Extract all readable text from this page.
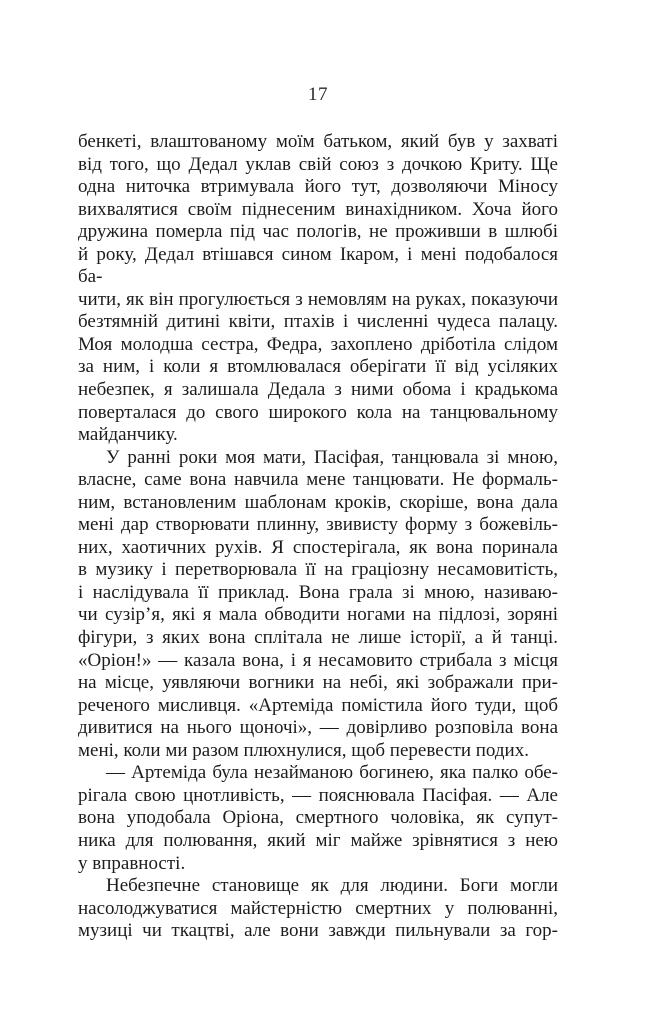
17
бенкеті, влаштованому моїм батьком, який був у захваті
від того, що Дедал уклав свій союз з дочкою Криту. Ще
одна ниточка втримувала його тут, дозволяючи Міносу
вихвалятися своїм піднесеним винахідником. Хоча його
дружина померла під час пологів, не проживши в шлюбі
й року, Дедал втішався сином Ікаром, і мені подобалося ба-
чити, як він прогулюється з немовлям на руках, показуючи
безтямній дитині квіти, птахів і численні чудеса палацу.
Моя молодша сестра, Федра, захоплено дріботіла слідом
за ним, і коли я втомлювалася оберігати її від усіляких
небезпек, я залишала Дедала з ними обома і крадькома
поверталася до свого широкого кола на танцювальному
майданчику.
У ранні роки моя мати, Пасіфая, танцювала зі мною,
власне, саме вона навчила мене танцювати. Не формаль-
ним, встановленим шаблонам кроків, скоріше, вона дала
мені дар створювати плинну, звивисту форму з божевіль-
них, хаотичних рухів. Я спостерігала, як вона поринала
в музику і перетворювала її на граціозну несамовитість,
і наслідувала її приклад. Вона грала зі мною, називаю-
чи сузір’я, які я мала обводити ногами на підлозі, зоряні
фігури, з яких вона сплітала не лише історії, а й танці.
«Оріон!» — казала вона, і я несамовито стрибала з місця
на місце, уявляючи вогники на небі, які зображали при-
реченого мисливця. «Артеміда помістила його туди, щоб
дивитися на нього щоночі», — довірливо розповіла вона
мені, коли ми разом плюхнулися, щоб перевести подих.
— Артеміда була незайманою богинею, яка палко обе-
рігала свою цнотливість, — пояснювала Пасіфая. — Але
вона уподобала Оріона, смертного чоловіка, як супут-
ника для полювання, який міг майже зрівнятися з нею
у вправності.
Небезпечне становище як для людини. Боги могли
насолоджуватися майстерністю смертних у полюванні,
музиці чи ткацтві, але вони завжди пильнували за гор-
